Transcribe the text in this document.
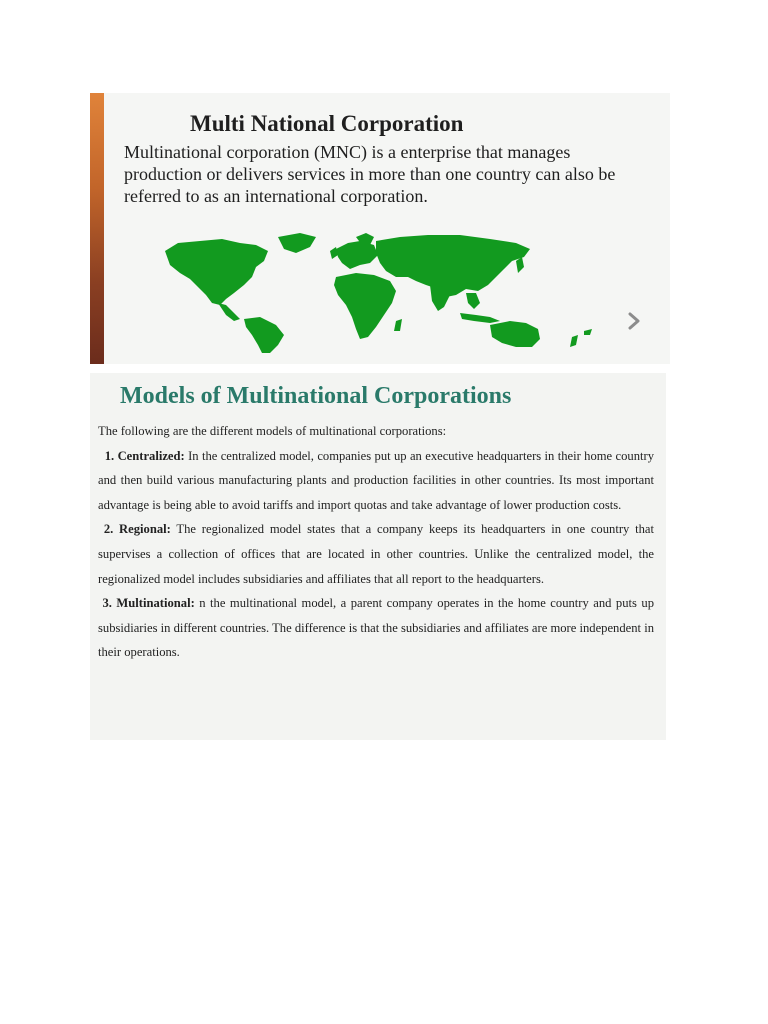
Multi National Corporation

Multinational corporation (MNC) is a enterprise that manages production or delivers services in more than one country can also be referred to as an international corporation.

Models of Multinational Corporations

The following are the different models of multinational corporations:

1. Centralized: In the centralized model, companies put up an executive headquarters in their home country and then build various manufacturing plants and production facilities in other countries. Its most important advantage is being able to avoid tariffs and import quotas and take advantage of lower production costs.

2. Regional: The regionalized model states that a company keeps its headquarters in one country that supervises a collection of offices that are located in other countries. Unlike the centralized model, the regionalized model includes subsidiaries and affiliates that all report to the headquarters.

3. Multinational: n the multinational model, a parent company operates in the home country and puts up subsidiaries in different countries. The difference is that the subsidiaries and affiliates are more independent in their operations.
